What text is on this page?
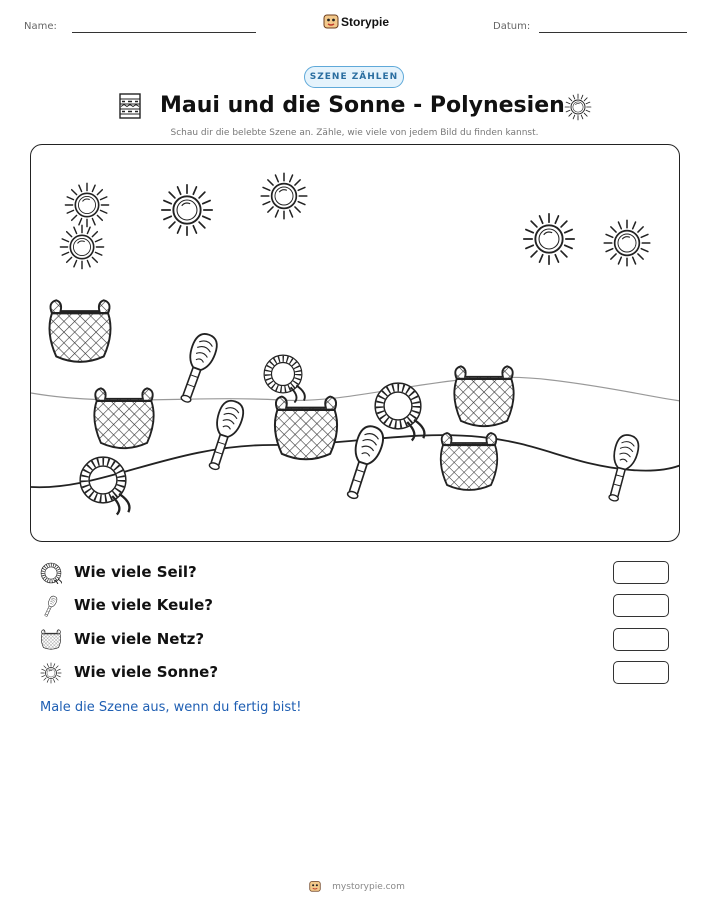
Name:	Storypie	Datum:
SZENE ZÄHLEN
Maui und die Sonne - Polynesien
Schau dir die belebte Szene an. Zähle, wie viele von jedem Bild du finden kannst.
Wie viele Seil?
Wie viele Keule?
Wie viele Netz?
Wie viele Sonne?
Male die Szene aus, wenn du fertig bist!
mystorypie.com
